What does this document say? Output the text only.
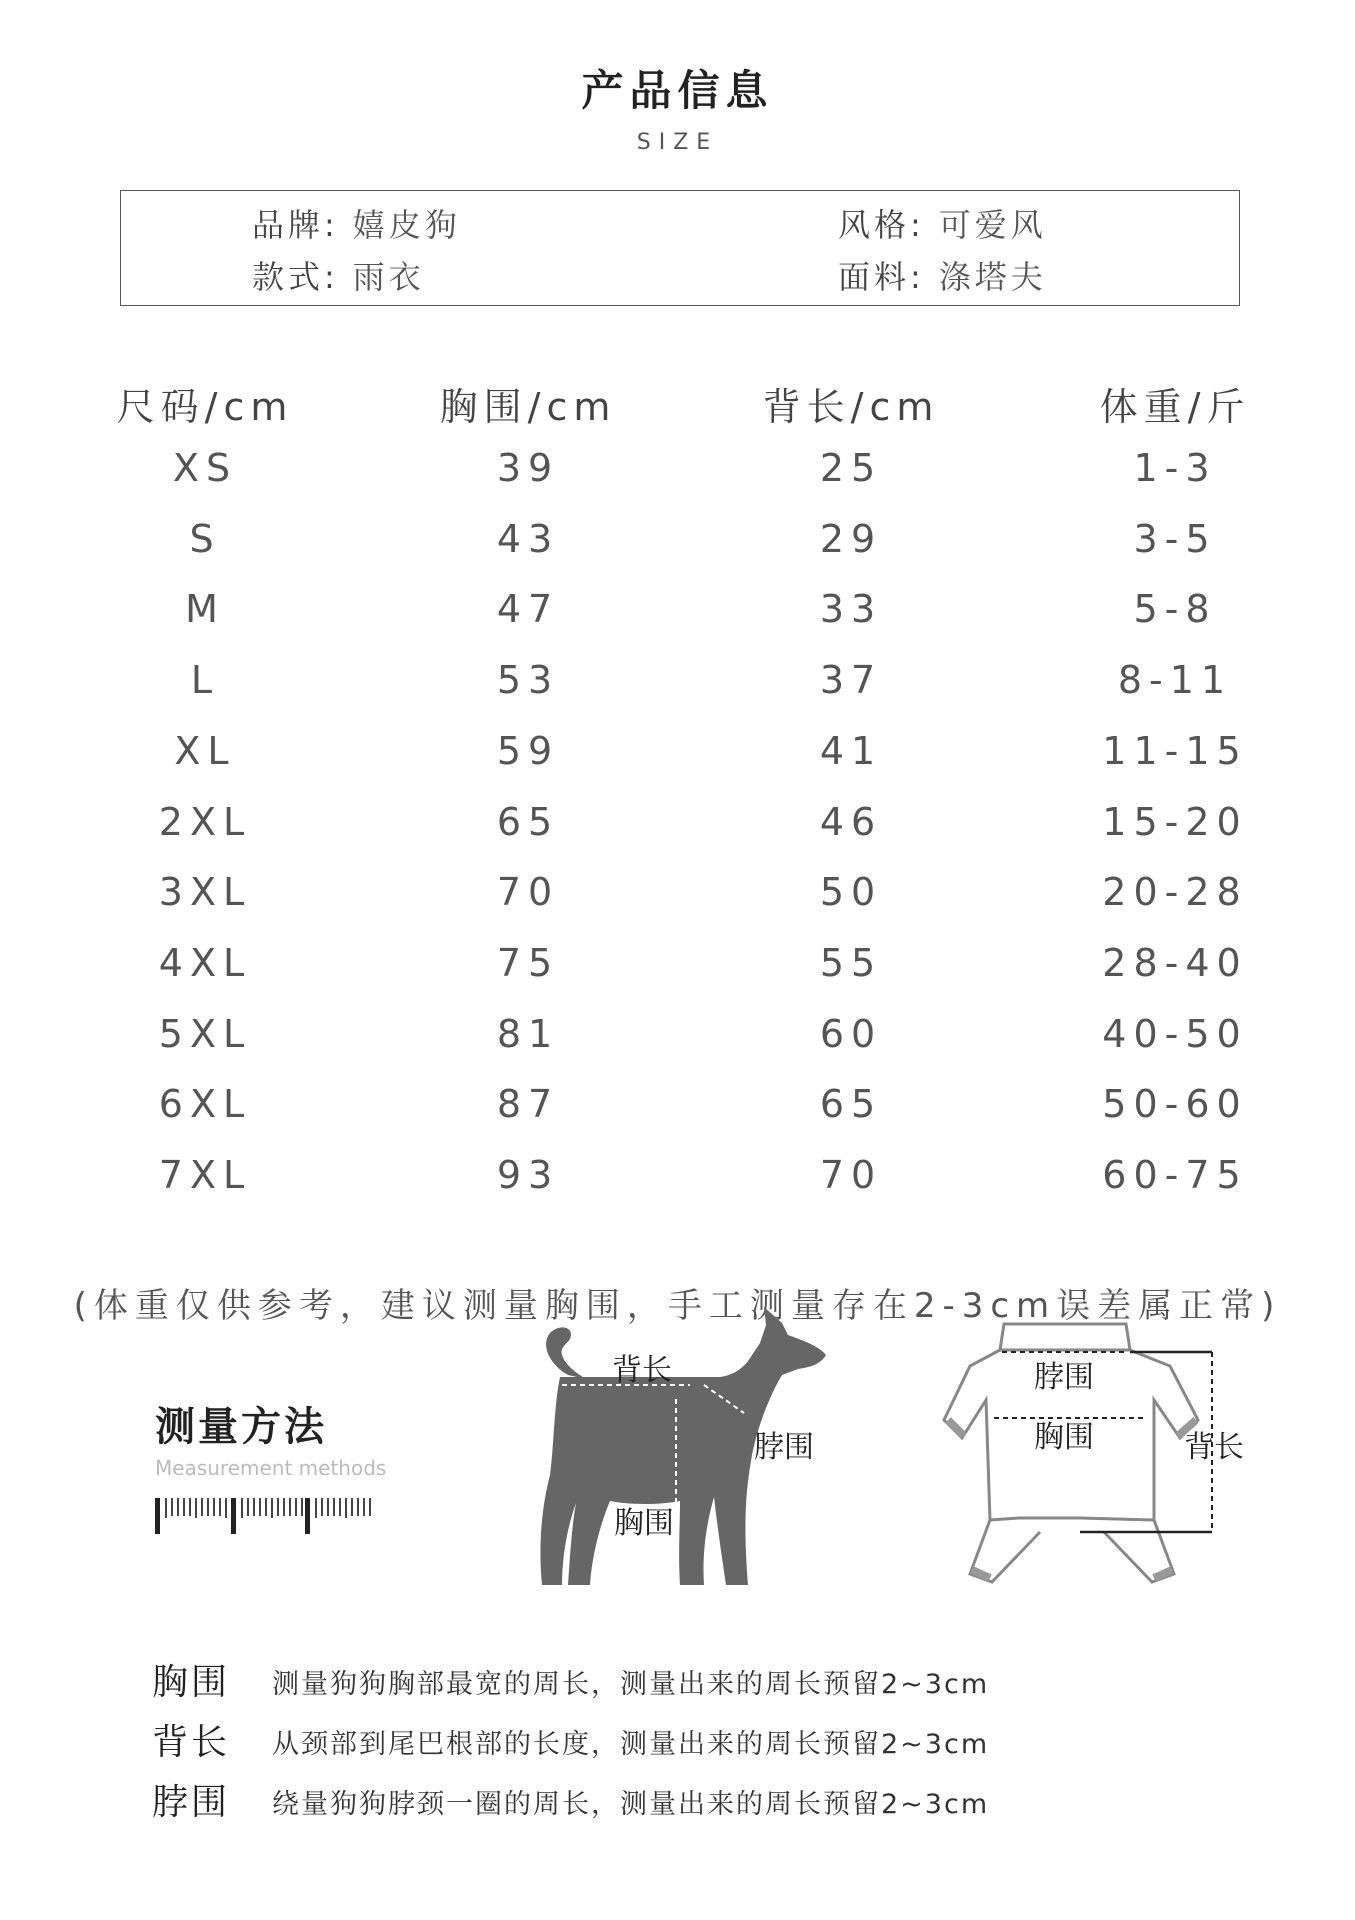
产品信息
SIZE
品牌: 嬉皮狗	风格: 可爱风
款式: 雨衣	面料: 涤塔夫
尺码/cm	胸围/cm	背长/cm	体重/斤
XS	39	25	1-3
S	43	29	3-5
M	47	33	5-8
L	53	37	8-11
XL	59	41	11-15
2XL	65	46	15-20
3XL	70	50	20-28
4XL	75	55	28-40
5XL	81	60	40-50
6XL	87	65	50-60
7XL	93	70	60-75
(体重仅供参考，建议测量胸围，手工测量存在2-3cm误差属正常)
测量方法
Measurement methods
背长
脖围
胸围
脖围
胸围	背长
胸围 测量狗狗胸部最宽的周长，测量出来的周长预留2~3cm
背长 从颈部到尾巴根部的长度，测量出来的周长预留2~3cm
脖围 绕量狗狗脖颈一圈的周长，测量出来的周长预留2~3cm
